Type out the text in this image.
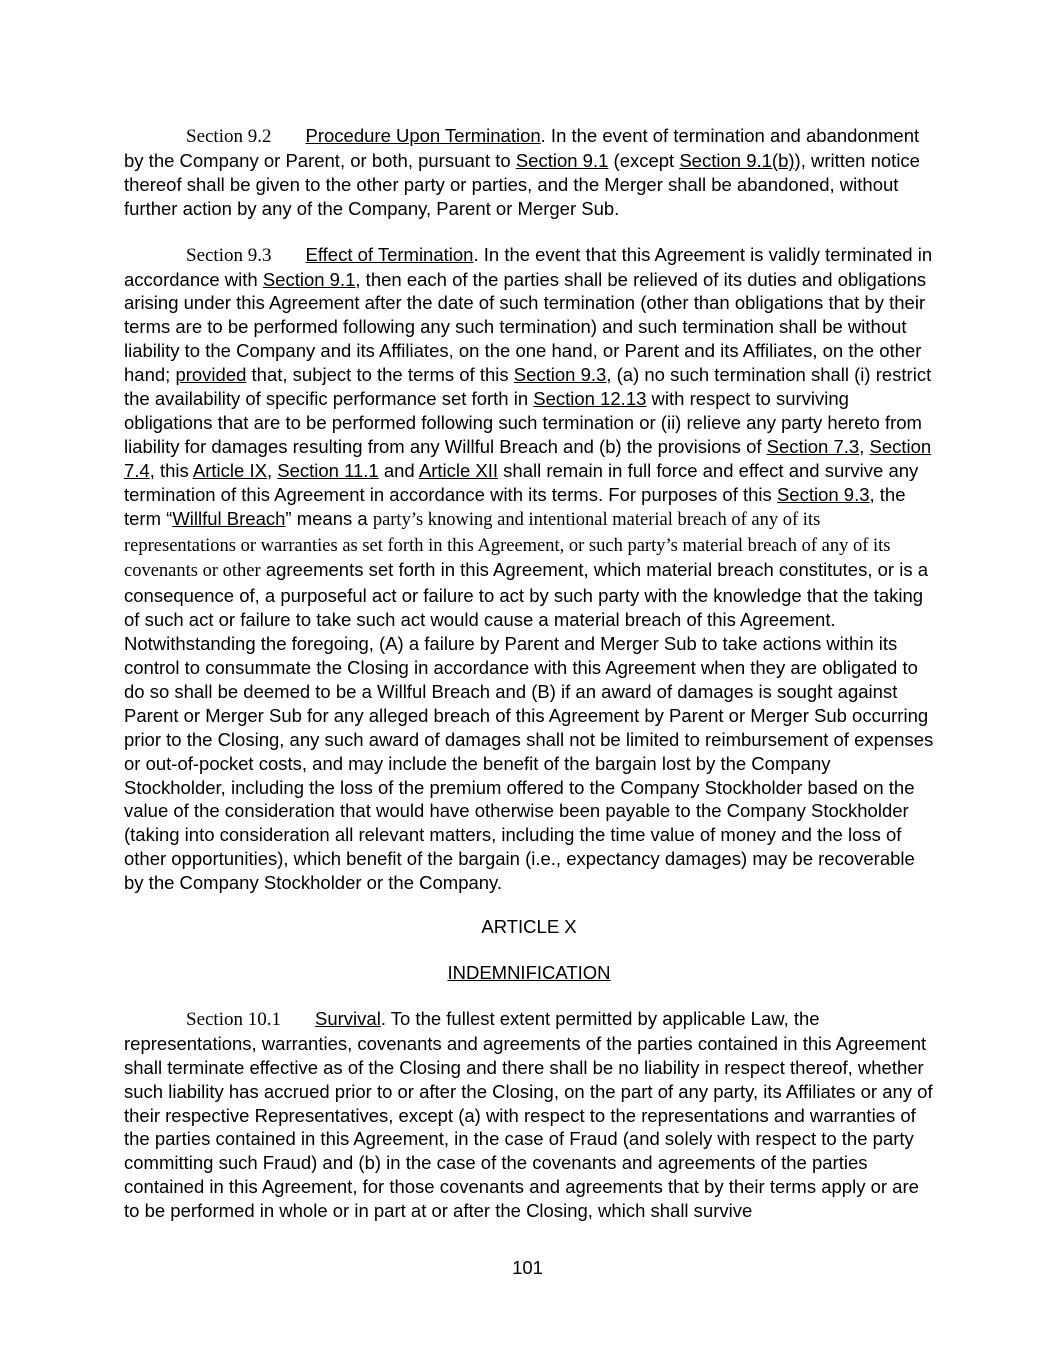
Section 9.2 Procedure Upon Termination. In the event of termination and abandonment by the Company or Parent, or both, pursuant to Section 9.1 (except Section 9.1(b)), written notice thereof shall be given to the other party or parties, and the Merger shall be abandoned, without further action by any of the Company, Parent or Merger Sub.

Section 9.3 Effect of Termination. In the event that this Agreement is validly terminated in accordance with Section 9.1, then each of the parties shall be relieved of its duties and obligations arising under this Agreement after the date of such termination (other than obligations that by their terms are to be performed following any such termination) and such termination shall be without liability to the Company and its Affiliates, on the one hand, or Parent and its Affiliates, on the other hand; provided that, subject to the terms of this Section 9.3, (a) no such termination shall (i) restrict the availability of specific performance set forth in Section 12.13 with respect to surviving obligations that are to be performed following such termination or (ii) relieve any party hereto from liability for damages resulting from any Willful Breach and (b) the provisions of Section 7.3, Section 7.4, this Article IX, Section 11.1 and Article XII shall remain in full force and effect and survive any termination of this Agreement in accordance with its terms. For purposes of this Section 9.3, the term “Willful Breach” means a party’s knowing and intentional material breach of any of its representations or warranties as set forth in this Agreement, or such party’s material breach of any of its covenants or other agreements set forth in this Agreement, which material breach constitutes, or is a consequence of, a purposeful act or failure to act by such party with the knowledge that the taking of such act or failure to take such act would cause a material breach of this Agreement. Notwithstanding the foregoing, (A) a failure by Parent and Merger Sub to take actions within its control to consummate the Closing in accordance with this Agreement when they are obligated to do so shall be deemed to be a Willful Breach and (B) if an award of damages is sought against Parent or Merger Sub for any alleged breach of this Agreement by Parent or Merger Sub occurring prior to the Closing, any such award of damages shall not be limited to reimbursement of expenses or out-of-pocket costs, and may include the benefit of the bargain lost by the Company Stockholder, including the loss of the premium offered to the Company Stockholder based on the value of the consideration that would have otherwise been payable to the Company Stockholder (taking into consideration all relevant matters, including the time value of money and the loss of other opportunities), which benefit of the bargain (i.e., expectancy damages) may be recoverable by the Company Stockholder or the Company.

ARTICLE X

INDEMNIFICATION

Section 10.1 Survival. To the fullest extent permitted by applicable Law, the representations, warranties, covenants and agreements of the parties contained in this Agreement shall terminate effective as of the Closing and there shall be no liability in respect thereof, whether such liability has accrued prior to or after the Closing, on the part of any party, its Affiliates or any of their respective Representatives, except (a) with respect to the representations and warranties of the parties contained in this Agreement, in the case of Fraud (and solely with respect to the party committing such Fraud) and (b) in the case of the covenants and agreements of the parties contained in this Agreement, for those covenants and agreements that by their terms apply or are to be performed in whole or in part at or after the Closing, which shall survive

101
